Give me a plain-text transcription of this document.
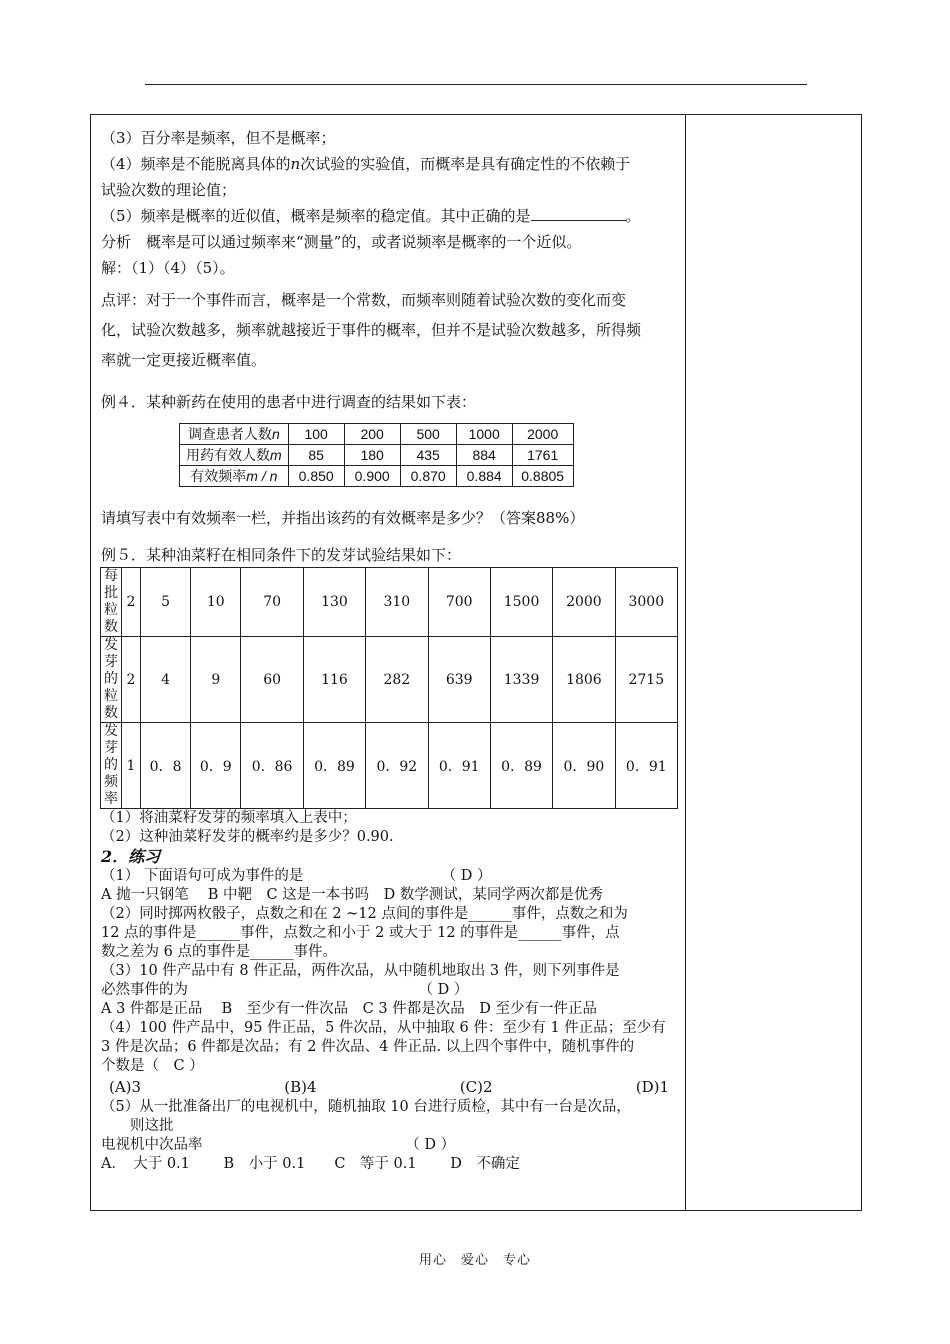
（3）百分率是频率，但不是概率；

（4）频率是不能脱离具体的n次试验的实验值，而概率是具有确定性的不依赖于

试验次数的理论值；

（5）频率是概率的近似值，概率是频率的稳定值。其中正确的是	。

分析　概率是可以通过频率来“测量”的，或者说频率是概率的一个近似。

解：（1）（4）（5）。

点评：对于一个事件而言，概率是一个常数，而频率则随着试验次数的变化而变

化，试验次数越多，频率就越接近于事件的概率，但并不是试验次数越多，所得频

率就一定更接近概率值。

例４．某种新药在使用的患者中进行调查的结果如下表：

调查患者人数n	100	200	500	1000	2000
用药有效人数m	85	180	435	884	1761
有效频率m / n	0.850	0.900	0.870	0.884	0.8805

请填写表中有效频率一栏，并指出该药的有效概率是多少？（答案88%）

例５．某种油菜籽在相同条件下的发芽试验结果如下：

每批粒数	2	5	10	70	130	310	700	1500	2000	3000

发芽的粒数	2	4	9	60	116	282	639	1339	1806	2715

发芽的频率	1	0．8	0．9	0．86	0．89	0．92	0．91	0．89	0．90	0．91

（1）将油菜籽发芽的频率填入上表中；

（2）这种油菜籽发芽的概率约是多少？0.90.

2．练习

（1） 下面语句可成为事件的是                              （ D ）

A 抛一只钢笔　 B 中靶　C 这是一本书吗　D 数学测试，某同学两次都是优秀

（2）同时掷两枚骰子，点数之和在 2 ~12 点间的事件是______事件，点数之和为

12 点的事件是______事件，点数之和小于 2 或大于 12 的事件是______事件，点

数之差为 6 点的事件是______事件。

（3）10 件产品中有 8 件正品，两件次品，从中随机地取出 3 件，则下列事件是

必然事件的为                                                  （ D ）

A 3 件都是正品　 B　至少有一件次品　C 3 件都是次品　D 至少有一件正品

（4）100 件产品中，95 件正品，5 件次品，从中抽取 6 件：至少有 1 件正品；至少有

3 件是次品；6 件都是次品；有 2 件次品、4 件正品. 以上四个事件中，随机事件的

个数是（　C ）

(A)3	(B)4	(C)2	(D)1

（5）从一批准备出厂的电视机中，随机抽取 10 台进行质检，其中有一台是次品，

　　则这批

电视机中次品率                                            （ D ）

A．　大于 0.1　　 B　小于 0.1　　C　等于 0.1　　 D　不确定

用心　爱心　专心
